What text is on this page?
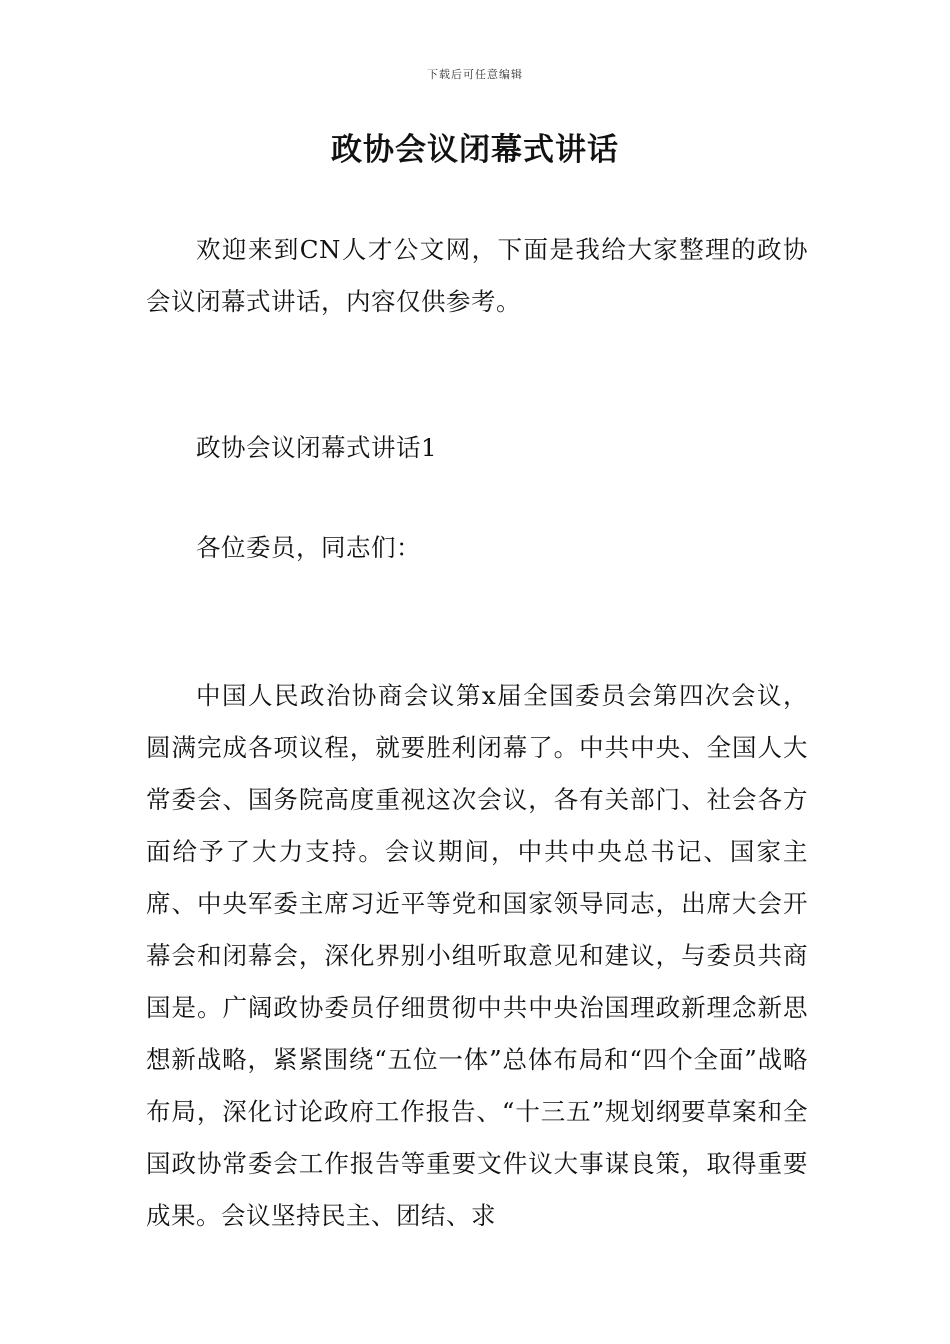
下载后可任意编辑
政协会议闭幕式讲话

欢迎来到CN人才公文网，下面是我给大家整理的政协会议闭幕式讲话，内容仅供参考。

政协会议闭幕式讲话1

各位委员，同志们：

中国人民政治协商会议第x届全国委员会第四次会议，圆满完成各项议程，就要胜利闭幕了。中共中央、全国人大常委会、国务院高度重视这次会议，各有关部门、社会各方面给予了大力支持。会议期间，中共中央总书记、国家主席、中央军委主席习近平等党和国家领导同志，出席大会开幕会和闭幕会，深化界别小组听取意见和建议，与委员共商国是。广阔政协委员仔细贯彻中共中央治国理政新理念新思想新战略，紧紧围绕“五位一体”总体布局和“四个全面”战略布局，深化讨论政府工作报告、“十三五”规划纲要草案和全国政协常委会工作报告等重要文件议大事谋良策，取得重要成果。会议坚持民主、团结、求
